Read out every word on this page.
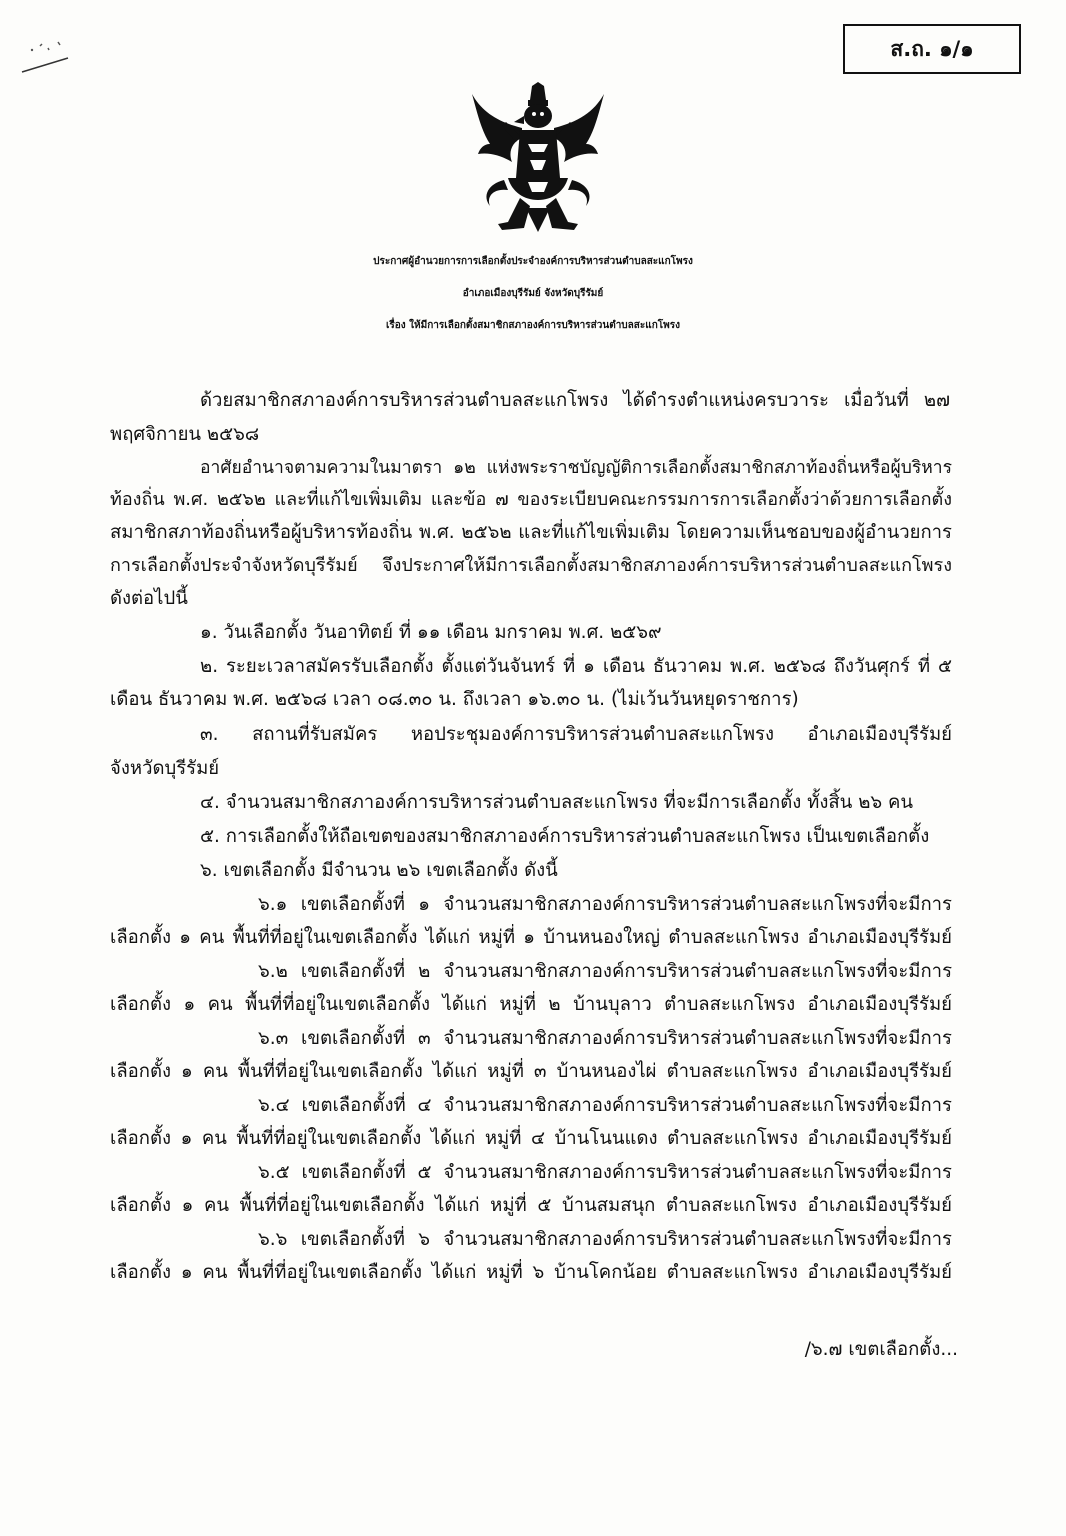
ส.ถ. ๑/๑
ประกาศผู้อำนวยการการเลือกตั้งประจำองค์การบริหารส่วนตำบลสะแกโพรง
อำเภอเมืองบุรีรัมย์ จังหวัดบุรีรัมย์
เรื่อง ให้มีการเลือกตั้งสมาชิกสภาองค์การบริหารส่วนตำบลสะแกโพรง
ด้วยสมาชิกสภาองค์การบริหารส่วนตำบลสะแกโพรง ได้ดำรงตำแหน่งครบวาระ เมื่อวันที่ ๒๗
พฤศจิกายน ๒๕๖๘
อาศัยอำนาจตามความในมาตรา ๑๒ แห่งพระราชบัญญัติการเลือกตั้งสมาชิกสภาท้องถิ่นหรือผู้บริหาร
ท้องถิ่น พ.ศ. ๒๕๖๒ และที่แก้ไขเพิ่มเติม และข้อ ๗ ของระเบียบคณะกรรมการการเลือกตั้งว่าด้วยการเลือกตั้ง
สมาชิกสภาท้องถิ่นหรือผู้บริหารท้องถิ่น พ.ศ. ๒๕๖๒ และที่แก้ไขเพิ่มเติม โดยความเห็นชอบของผู้อำนวยการ
การเลือกตั้งประจำจังหวัดบุรีรัมย์ จึงประกาศให้มีการเลือกตั้งสมาชิกสภาองค์การบริหารส่วนตำบลสะแกโพรง
ดังต่อไปนี้
๑. วันเลือกตั้ง วันอาทิตย์ ที่ ๑๑ เดือน มกราคม พ.ศ. ๒๕๖๙
๒. ระยะเวลาสมัครรับเลือกตั้ง ตั้งแต่วันจันทร์ ที่ ๑ เดือน ธันวาคม พ.ศ. ๒๕๖๘ ถึงวันศุกร์ ที่ ๕
เดือน ธันวาคม พ.ศ. ๒๕๖๘ เวลา ๐๘.๓๐ น. ถึงเวลา ๑๖.๓๐ น. (ไม่เว้นวันหยุดราชการ)
๓. สถานที่รับสมัคร หอประชุมองค์การบริหารส่วนตำบลสะแกโพรง อำเภอเมืองบุรีรัมย์
จังหวัดบุรีรัมย์
๔. จำนวนสมาชิกสภาองค์การบริหารส่วนตำบลสะแกโพรง ที่จะมีการเลือกตั้ง ทั้งสิ้น ๒๖ คน
๕. การเลือกตั้งให้ถือเขตของสมาชิกสภาองค์การบริหารส่วนตำบลสะแกโพรง เป็นเขตเลือกตั้ง
๖. เขตเลือกตั้ง มีจำนวน ๒๖ เขตเลือกตั้ง ดังนี้
๖.๑ เขตเลือกตั้งที่ ๑ จำนวนสมาชิกสภาองค์การบริหารส่วนตำบลสะแกโพรงที่จะมีการ
เลือกตั้ง ๑ คน พื้นที่ที่อยู่ในเขตเลือกตั้ง ได้แก่ หมู่ที่ ๑ บ้านหนองใหญ่ ตำบลสะแกโพรง อำเภอเมืองบุรีรัมย์
๖.๒ เขตเลือกตั้งที่ ๒ จำนวนสมาชิกสภาองค์การบริหารส่วนตำบลสะแกโพรงที่จะมีการ
เลือกตั้ง ๑ คน พื้นที่ที่อยู่ในเขตเลือกตั้ง ได้แก่ หมู่ที่ ๒ บ้านบุลาว ตำบลสะแกโพรง อำเภอเมืองบุรีรัมย์
๖.๓ เขตเลือกตั้งที่ ๓ จำนวนสมาชิกสภาองค์การบริหารส่วนตำบลสะแกโพรงที่จะมีการ
เลือกตั้ง ๑ คน พื้นที่ที่อยู่ในเขตเลือกตั้ง ได้แก่ หมู่ที่ ๓ บ้านหนองไผ่ ตำบลสะแกโพรง อำเภอเมืองบุรีรัมย์
๖.๔ เขตเลือกตั้งที่ ๔ จำนวนสมาชิกสภาองค์การบริหารส่วนตำบลสะแกโพรงที่จะมีการ
เลือกตั้ง ๑ คน พื้นที่ที่อยู่ในเขตเลือกตั้ง ได้แก่ หมู่ที่ ๔ บ้านโนนแดง ตำบลสะแกโพรง อำเภอเมืองบุรีรัมย์
๖.๕ เขตเลือกตั้งที่ ๕ จำนวนสมาชิกสภาองค์การบริหารส่วนตำบลสะแกโพรงที่จะมีการ
เลือกตั้ง ๑ คน พื้นที่ที่อยู่ในเขตเลือกตั้ง ได้แก่ หมู่ที่ ๕ บ้านสมสนุก ตำบลสะแกโพรง อำเภอเมืองบุรีรัมย์
๖.๖ เขตเลือกตั้งที่ ๖ จำนวนสมาชิกสภาองค์การบริหารส่วนตำบลสะแกโพรงที่จะมีการ
เลือกตั้ง ๑ คน พื้นที่ที่อยู่ในเขตเลือกตั้ง ได้แก่ หมู่ที่ ๖ บ้านโคกน้อย ตำบลสะแกโพรง อำเภอเมืองบุรีรัมย์
/๖.๗ เขตเลือกตั้ง...
